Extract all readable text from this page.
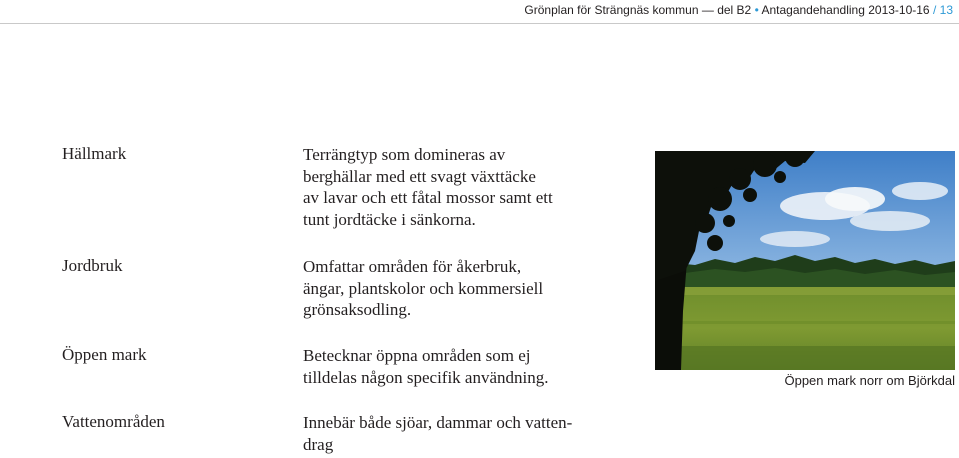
Grönplan för Strängnäs kommun — del B2 • Antagandehandling 2013-10-16 / 13
Hällmark	Terrängtyp som domineras av
berghällar med ett svagt växttäcke
av lavar och ett fåtal mossor samt ett
tunt jordtäcke i sänkorna.
Jordbruk	Omfattar områden för åkerbruk,
ängar, plantskolor och kommersiell
grönsaksodling.
Öppen mark	Betecknar öppna områden som ej
tilldelas någon specifik användning.
Vattenområden	Innebär både sjöar, dammar och vatten-
drag
Öppen mark norr om Björkdal
